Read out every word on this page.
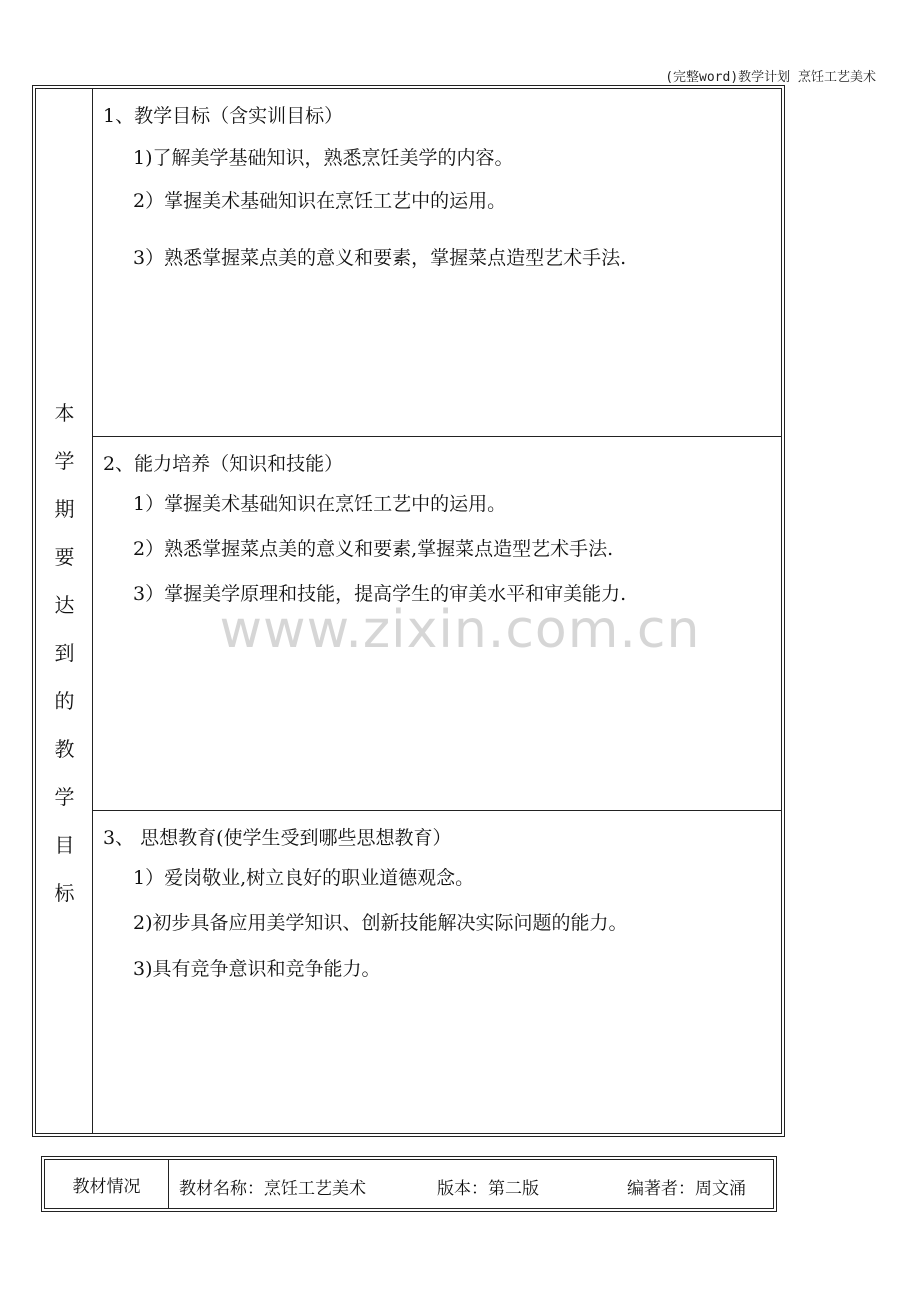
(完整word)教学计划 烹饪工艺美术
www.zixin.com.cn
本
学
期
要
达
到
的
教
学
目
标
1、教学目标（含实训目标）
1)了解美学基础知识，熟悉烹饪美学的内容。
2）掌握美术基础知识在烹饪工艺中的运用。
3）熟悉掌握菜点美的意义和要素，掌握菜点造型艺术手法.
2、能力培养（知识和技能）
1）掌握美术基础知识在烹饪工艺中的运用。
2）熟悉掌握菜点美的意义和要素,掌握菜点造型艺术手法.
3）掌握美学原理和技能，提高学生的审美水平和审美能力.
3、 思想教育(使学生受到哪些思想教育）
1）爱岗敬业,树立良好的职业道德观念。
2)初步具备应用美学知识、创新技能解决实际问题的能力。
3)具有竞争意识和竞争能力。
教材情况	教材名称：烹饪工艺美术	版本：第二版	编著者：周文涌
